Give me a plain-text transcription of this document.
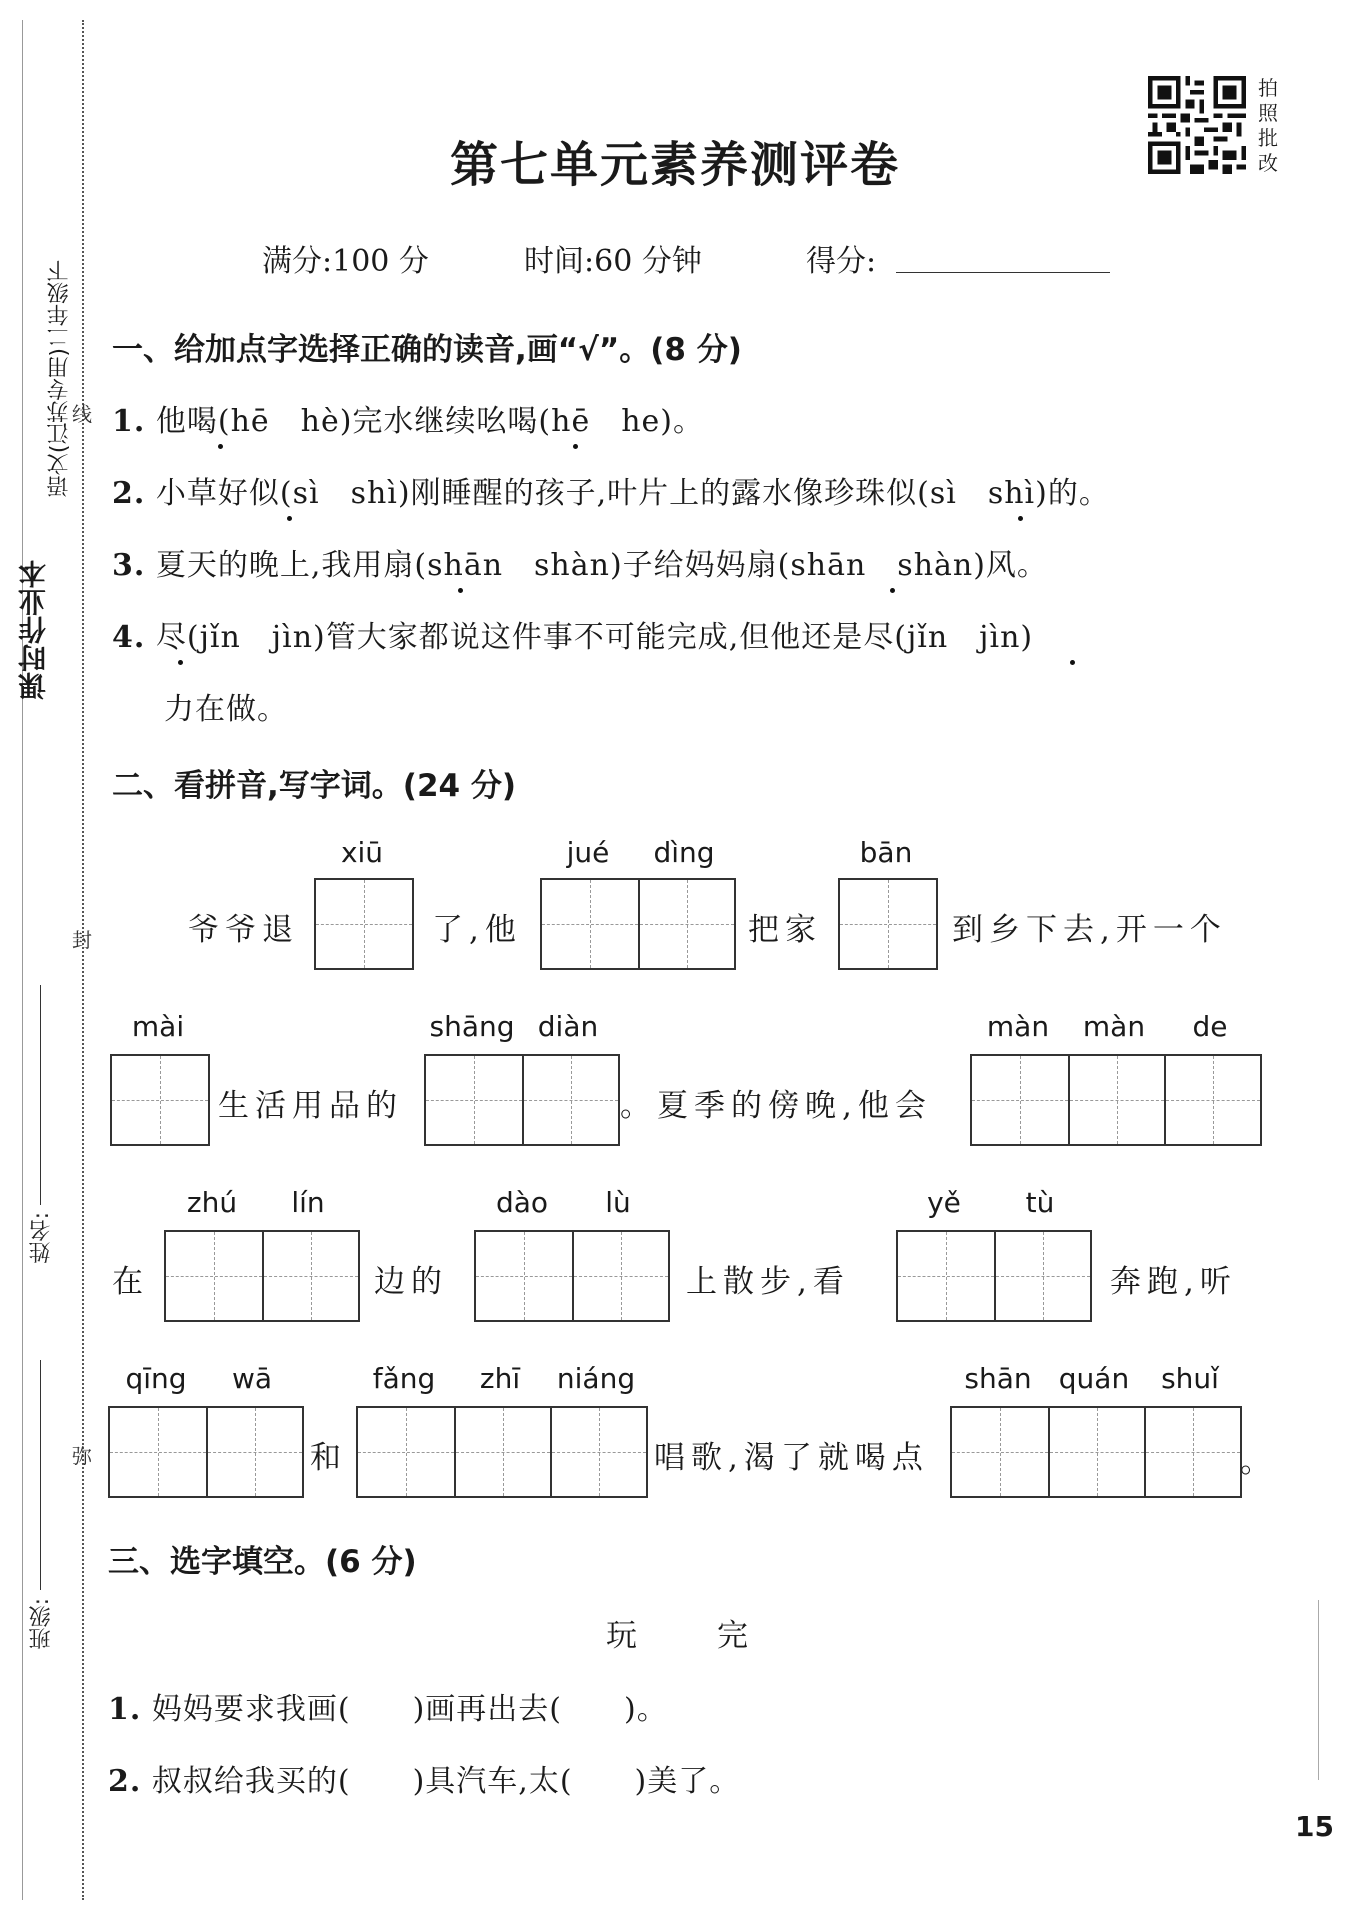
课时作业本
语文(江苏专用)二年级下 线
封
弥
姓名:
班级:
第七单元素养测评卷
拍照批改
满分:100 分	时间:60 分钟	得分:
一、给加点字选择正确的读音,画“√”。(8 分)
1. 他喝(hē　hè)完水继续吆喝(hē　he)。
2. 小草好似(sì　shì)刚睡醒的孩子,叶片上的露水像珍珠似(sì　shì)的。
3. 夏天的晚上,我用扇(shān　shàn)子给妈妈扇(shān　shàn)风。
4. 尽(jǐn　jìn)管大家都说这件事不可能完成,但他还是尽(jǐn　jìn)
力在做。
二、看拼音,写字词。(24 分)
xiū	jué	dìng	bān
爷爷退	了,他	把家	到乡下去,开一个
mài	shāng diàn	màn	màn	de
生活用品的	。夏季的傍晚,他会
zhú	lín	dào	lù	yě	tù
在	边的	上散步,看	奔跑,听
qīng	wā	fǎng	zhī	niáng	shān quán	shuǐ
和	唱歌,渴了就喝点	。
三、选字填空。(6 分)
玩　　完
1. 妈妈要求我画(　　)画再出去(　　)。
2. 叔叔给我买的(　　)具汽车,太(　　)美了。
15
